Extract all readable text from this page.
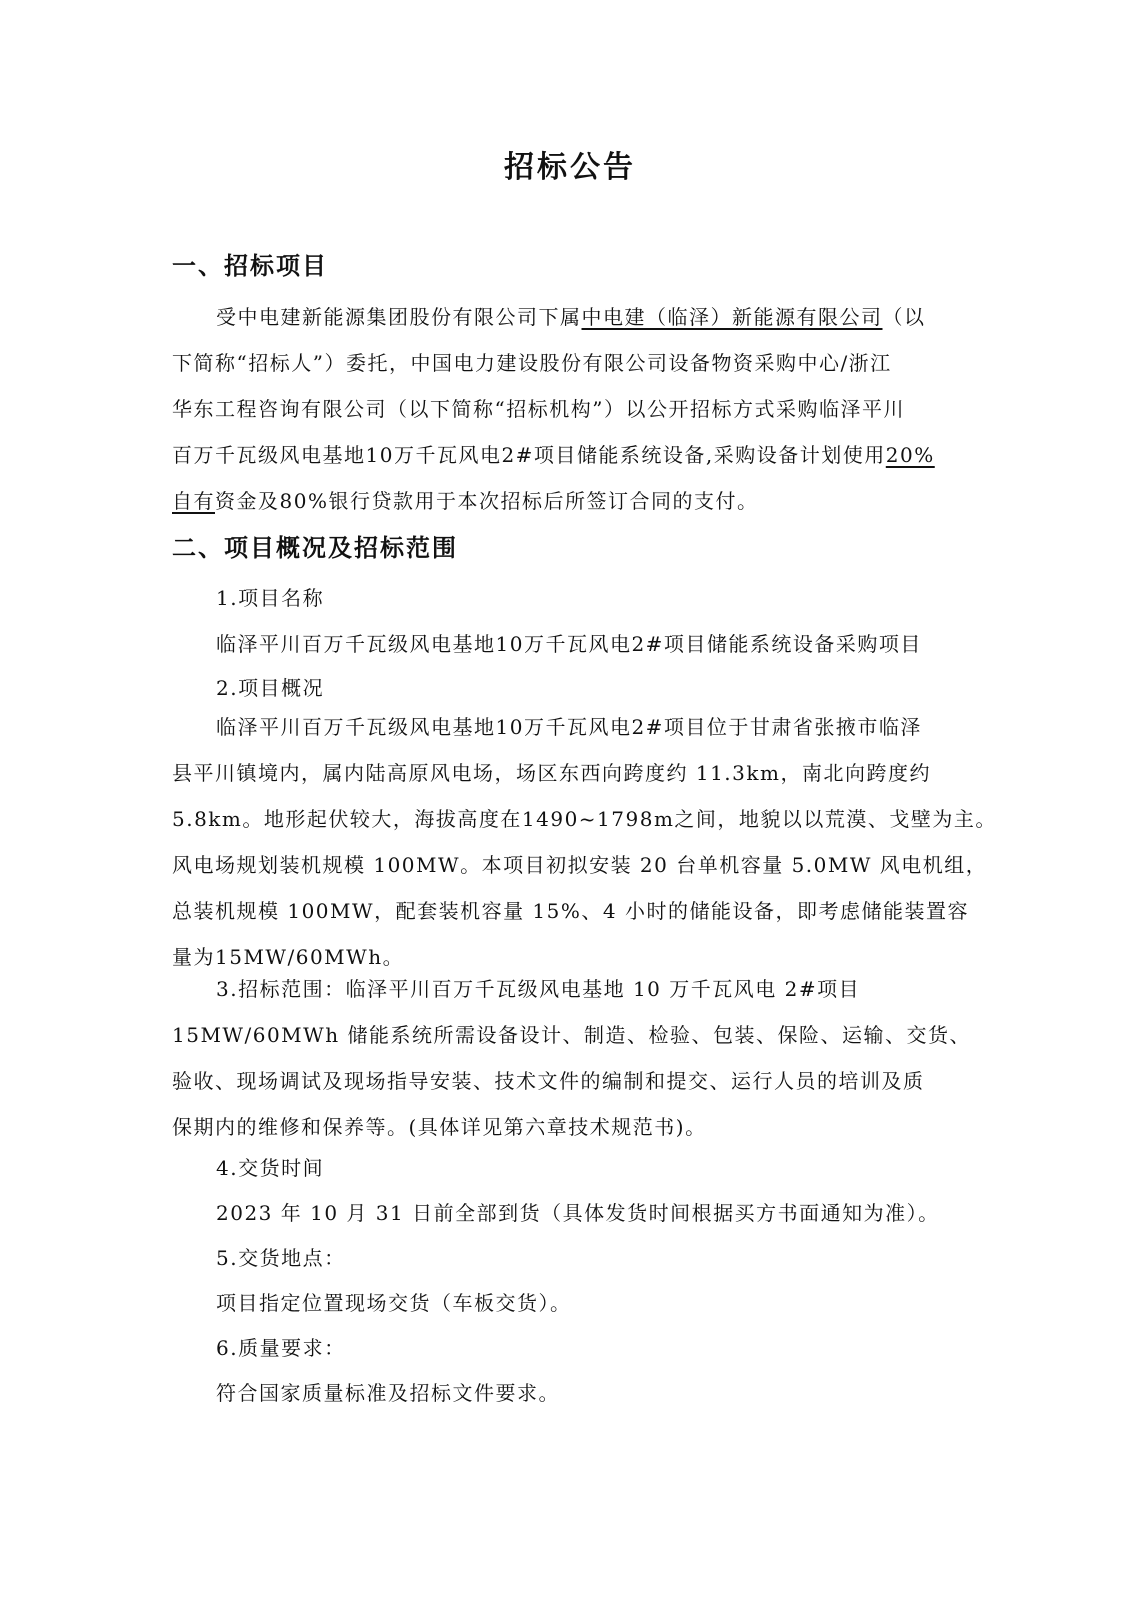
招标公告
一、招标项目
受中电建新能源集团股份有限公司下属中电建（临泽）新能源有限公司（以
下简称“招标人”）委托，中国电力建设股份有限公司设备物资采购中心/浙江
华东工程咨询有限公司（以下简称“招标机构”）以公开招标方式采购临泽平川
百万千瓦级风电基地10万千瓦风电2#项目储能系统设备,采购设备计划使用20%
自有资金及80%银行贷款用于本次招标后所签订合同的支付。
二、项目概况及招标范围

1.项目名称

临泽平川百万千瓦级风电基地10万千瓦风电2#项目储能系统设备采购项目

2.项目概况

临泽平川百万千瓦级风电基地10万千瓦风电2#项目位于甘肃省张掖市临泽
县平川镇境内，属内陆高原风电场，场区东西向跨度约 11.3km，南北向跨度约
5.8km。地形起伏较大，海拔高度在1490~1798m之间，地貌以以荒漠、戈壁为主。
风电场规划装机规模 100MW。本项目初拟安装 20 台单机容量 5.0MW 风电机组，
总装机规模 100MW，配套装机容量 15%、4 小时的储能设备，即考虑储能装置容
量为15MW/60MWh。
3.招标范围：临泽平川百万千瓦级风电基地 10 万千瓦风电 2#项目
15MW/60MWh 储能系统所需设备设计、制造、检验、包装、保险、运输、交货、
验收、现场调试及现场指导安装、技术文件的编制和提交、运行人员的培训及质
保期内的维修和保养等。(具体详见第六章技术规范书)。

4.交货时间

2023 年 10 月 31 日前全部到货（具体发货时间根据买方书面通知为准）。

5.交货地点：

项目指定位置现场交货（车板交货）。

6.质量要求：

符合国家质量标准及招标文件要求。
